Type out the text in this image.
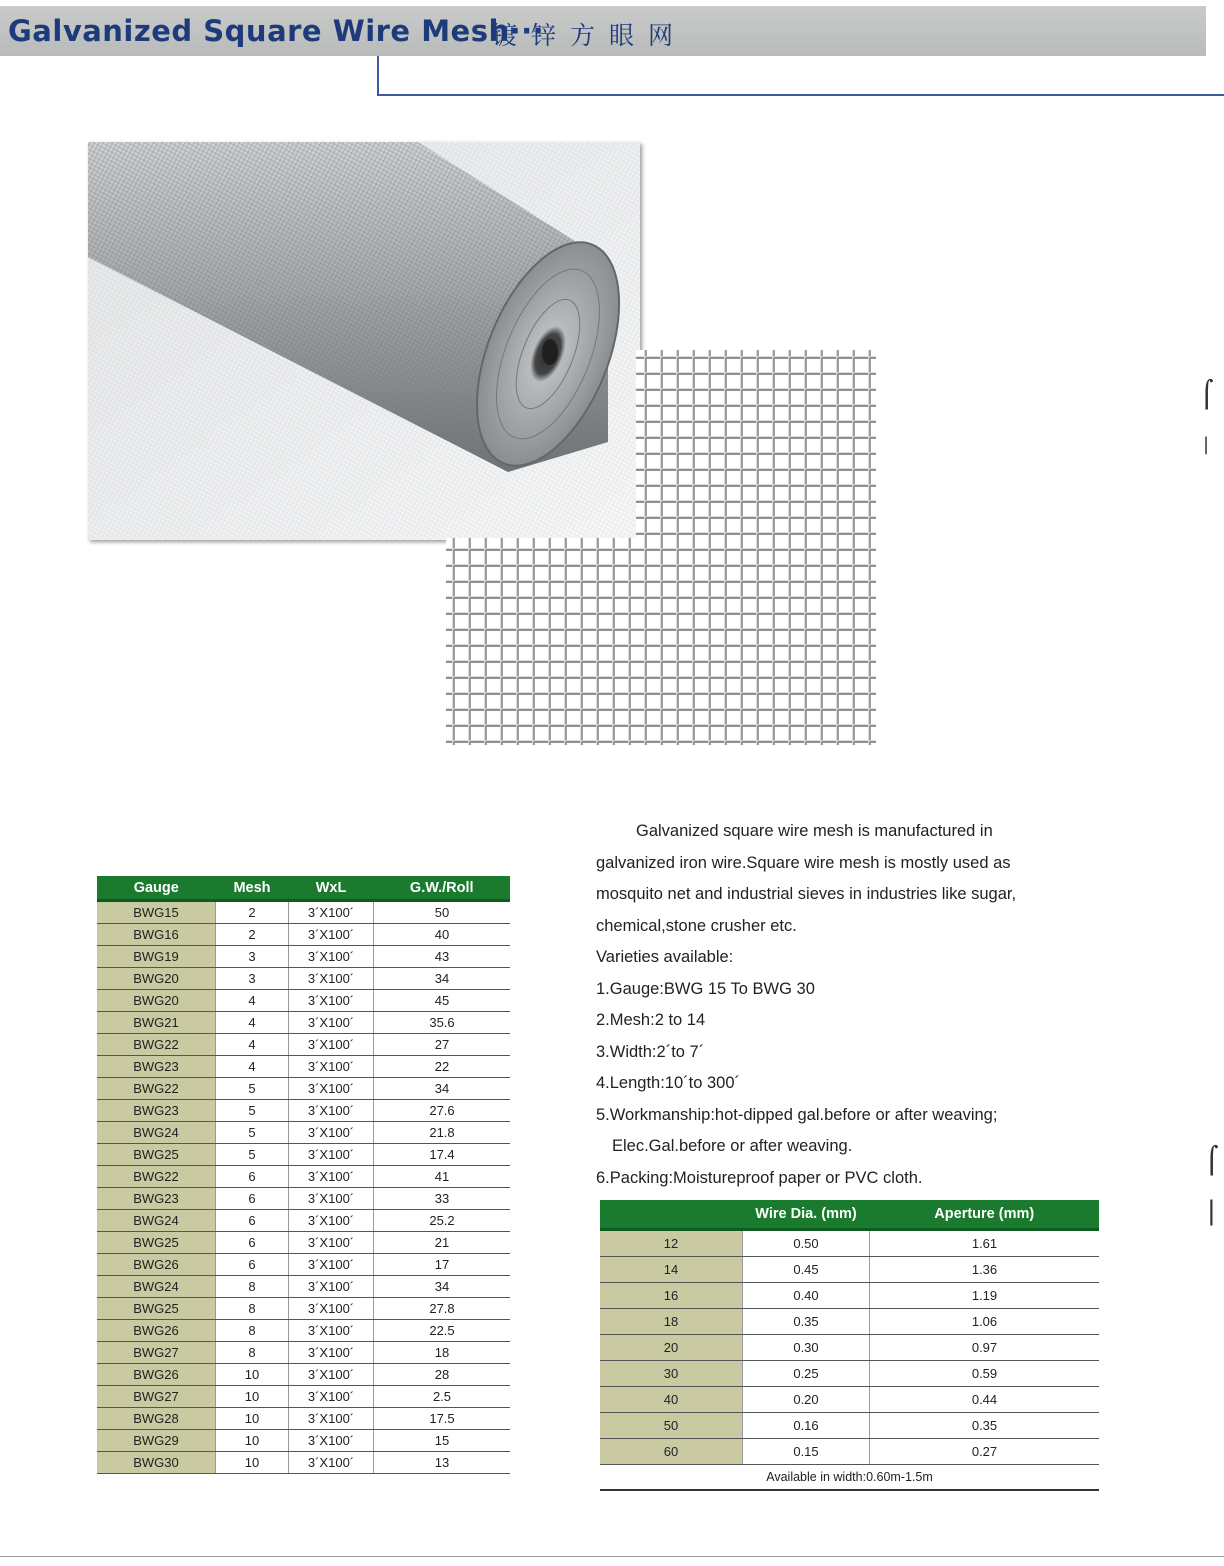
Galvanized Square Wire Mesh···
镀锌方眼网
⌠
|
⌠
|

Galvanized square wire mesh is manufactured in

galvanized iron wire.Square wire mesh is mostly used as

mosquito net and industrial sieves in industries like sugar,

chemical,stone crusher etc.

Varieties available:

1.Gauge:BWG 15 To BWG 30

2.Mesh:2 to 14

3.Width:2´to 7´

4.Length:10´to 300´

5.Workmanship:hot-dipped gal.before or after weaving;

Elec.Gal.before or after weaving.

6.Packing:Moistureproof paper or PVC cloth.

Gauge	Mesh	WxL	G.W./Roll
BWG15	2	3´X100´	50
BWG16	2	3´X100´	40
BWG19	3	3´X100´	43
BWG20	3	3´X100´	34
BWG20	4	3´X100´	45
BWG21	4	3´X100´	35.6
BWG22	4	3´X100´	27
BWG23	4	3´X100´	22
BWG22	5	3´X100´	34
BWG23	5	3´X100´	27.6
BWG24	5	3´X100´	21.8
BWG25	5	3´X100´	17.4
BWG22	6	3´X100´	41
BWG23	6	3´X100´	33
BWG24	6	3´X100´	25.2
BWG25	6	3´X100´	21
BWG26	6	3´X100´	17
BWG24	8	3´X100´	34
BWG25	8	3´X100´	27.8
BWG26	8	3´X100´	22.5
BWG27	8	3´X100´	18
BWG26	10	3´X100´	28
BWG27	10	3´X100´	2.5
BWG28	10	3´X100´	17.5
BWG29	10	3´X100´	15
BWG30	10	3´X100´	13
	Wire Dia. (mm)	Aperture (mm)
12	0.50	1.61
14	0.45	1.36
16	0.40	1.19
18	0.35	1.06
20	0.30	0.97
30	0.25	0.59
40	0.20	0.44
50	0.16	0.35
60	0.15	0.27
Available in width:0.60m-1.5m		
